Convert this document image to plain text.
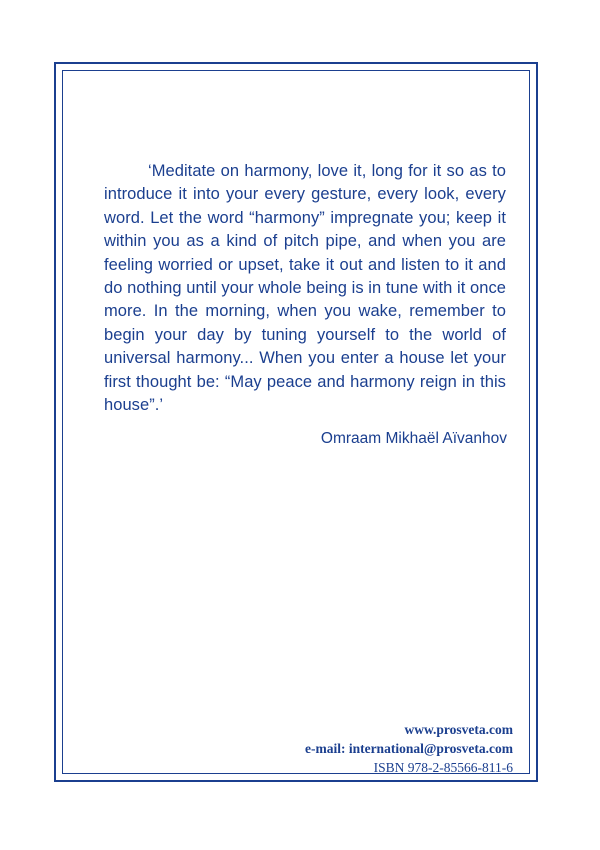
‘Meditate on harmony, love it, long for it so as to introduce it into your every gesture, every look, every word. Let the word “harmony” impregnate you; keep it within you as a kind of pitch pipe, and when you are feeling worried or upset, take it out and listen to it and do nothing until your whole being is in tune with it once more. In the morning, when you wake, remember to begin your day by tuning yourself to the world of universal harmony... When you enter a house let your first thought be: “May peace and harmony reign in this house”.’

Omraam Mikhaël Aïvanhov

www.prosveta.com
e-mail: international@prosveta.com
ISBN 978-2-85566-811-6
